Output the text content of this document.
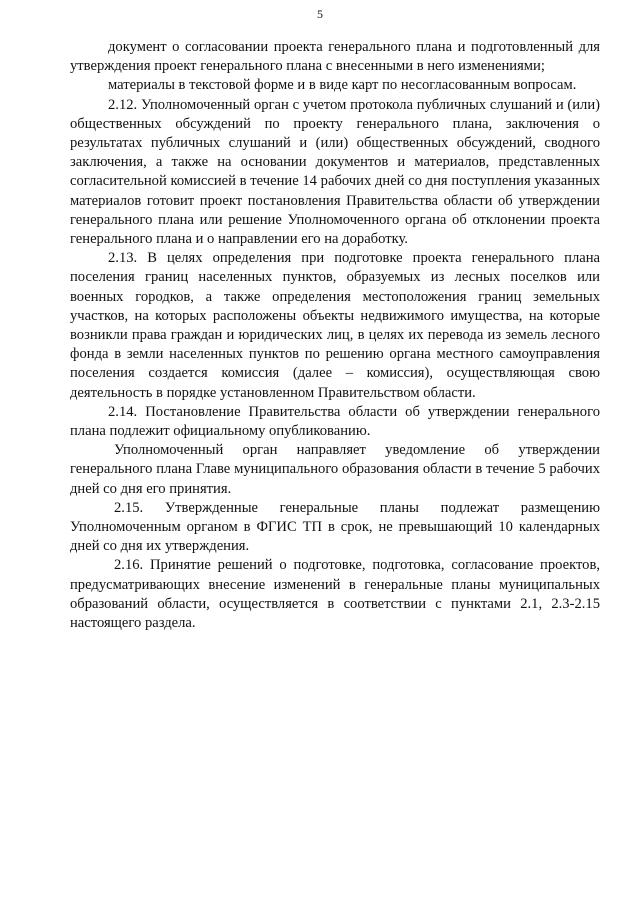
5

документ о согласовании проекта генерального плана и подготовленный для утверждения проект генерального плана с внесенными в него изменениями;

материалы в текстовой форме и в виде карт по несогласованным вопросам.

2.12. Уполномоченный орган с учетом протокола публичных слушаний и (или) общественных обсуждений по проекту генерального плана, заключения о результатах публичных слушаний и (или) общественных обсуждений, сводного заключения, а также на основании документов и материалов, представленных согласительной комиссией в течение 14 рабочих дней со дня поступления указанных материалов готовит проект постановления Правительства области об утверждении генерального плана или решение Уполномоченного органа об отклонении проекта генерального плана и о направлении его на доработку.

2.13. В целях определения при подготовке проекта генерального плана поселения границ населенных пунктов, образуемых из лесных поселков или военных городков, а также определения местоположения границ земельных участков, на которых расположены объекты недвижимого имущества, на которые возникли права граждан и юридических лиц, в целях их перевода из земель лесного фонда в земли населенных пунктов по решению органа местного самоуправления поселения создается комиссия (далее – комиссия), осуществляющая свою деятельность в порядке установленном Правительством области.

2.14. Постановление Правительства области об утверждении генерального плана подлежит официальному опубликованию.

Уполномоченный орган направляет уведомление об утверждении генерального плана Главе муниципального образования области в течение 5 рабочих дней со дня его принятия.

2.15. Утвержденные генеральные планы подлежат размещению Уполномоченным органом в ФГИС ТП в срок, не превышающий 10 календарных дней со дня их утверждения.

2.16. Принятие решений о подготовке, подготовка, согласование проектов, предусматривающих внесение изменений в генеральные планы муниципальных образований области, осуществляется в соответствии с пунктами 2.1, 2.3-2.15 настоящего раздела.
